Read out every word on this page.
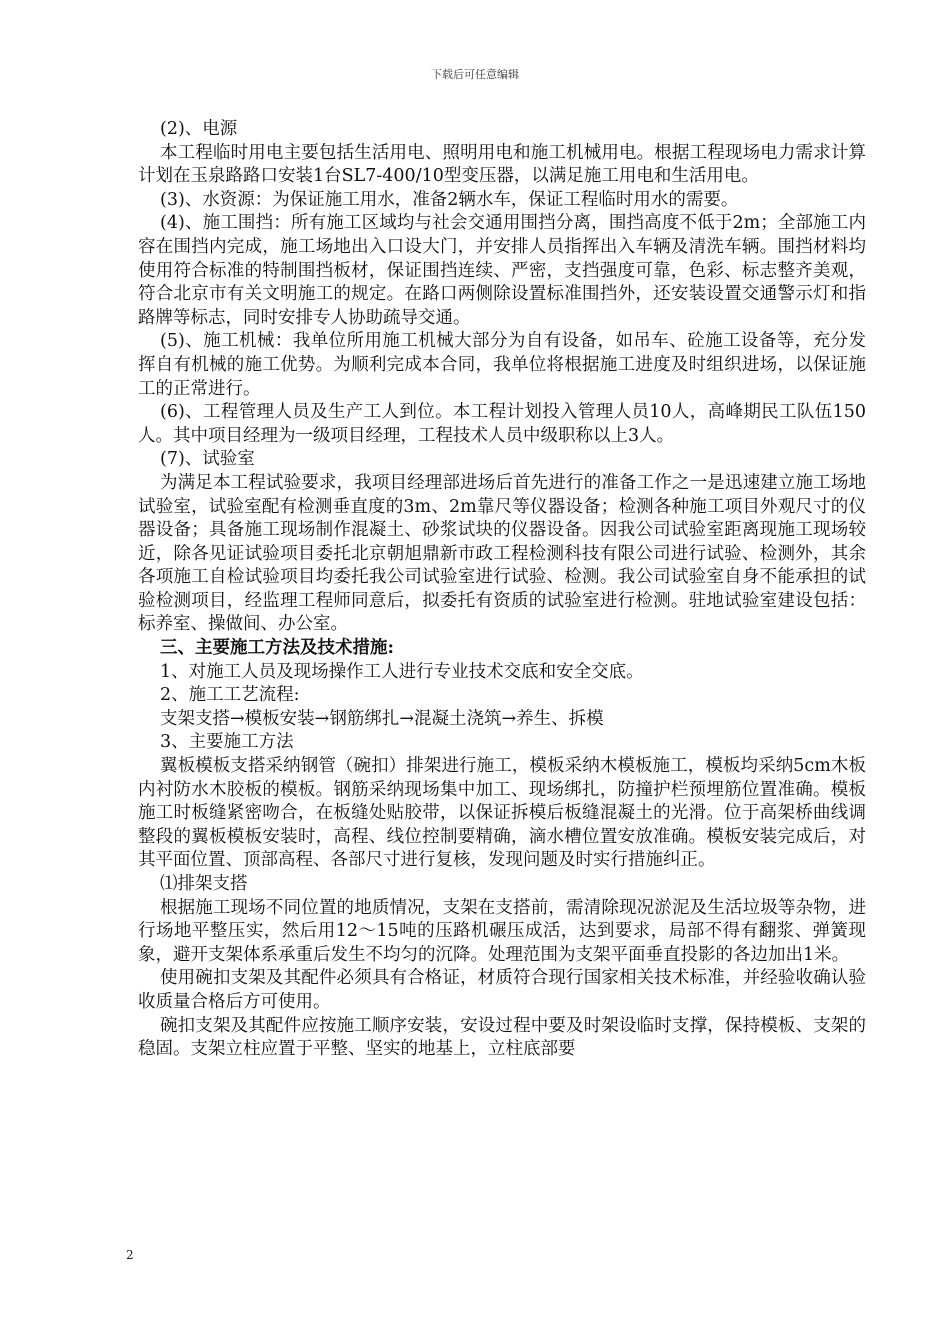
下载后可任意编辑

(2)、电源

本工程临时用电主要包括生活用电、照明用电和施工机械用电。根据工程现场电力需求计算计划在玉泉路路口安装1台SL7-400/10型变压器，以满足施工用电和生活用电。

(3)、水资源：为保证施工用水，准备2辆水车，保证工程临时用水的需要。

(4)、施工围挡：所有施工区域均与社会交通用围挡分离，围挡高度不低于2m；全部施工内容在围挡内完成，施工场地出入口设大门，并安排人员指挥出入车辆及清洗车辆。围挡材料均使用符合标准的特制围挡板材，保证围挡连续、严密，支挡强度可靠，色彩、标志整齐美观，符合北京市有关文明施工的规定。在路口两侧除设置标准围挡外，还安装设置交通警示灯和指路牌等标志，同时安排专人协助疏导交通。

(5)、施工机械：我单位所用施工机械大部分为自有设备，如吊车、砼施工设备等，充分发挥自有机械的施工优势。为顺利完成本合同，我单位将根据施工进度及时组织进场，以保证施工的正常进行。

(6)、工程管理人员及生产工人到位。本工程计划投入管理人员10人，高峰期民工队伍150人。其中项目经理为一级项目经理，工程技术人员中级职称以上3人。

(7)、试验室

为满足本工程试验要求，我项目经理部进场后首先进行的准备工作之一是迅速建立施工场地试验室，试验室配有检测垂直度的3m、2m靠尺等仪器设备；检测各种施工项目外观尺寸的仪器设备；具备施工现场制作混凝土、砂浆试块的仪器设备。因我公司试验室距离现施工现场较近，除各见证试验项目委托北京朝旭鼎新市政工程检测科技有限公司进行试验、检测外，其余各项施工自检试验项目均委托我公司试验室进行试验、检测。我公司试验室自身不能承担的试验检测项目，经监理工程师同意后，拟委托有资质的试验室进行检测。驻地试验室建设包括：标养室、操做间、办公室。

三、主要施工方法及技术措施:

1、对施工人员及现场操作工人进行专业技术交底和安全交底。

2、施工工艺流程:

支架支搭→模板安装→钢筋绑扎→混凝土浇筑→养生、拆模

3、主要施工方法

翼板模板支搭采纳钢管（碗扣）排架进行施工，模板采纳木模板施工，模板均采纳5cm木板内衬防水木胶板的模板。钢筋采纳现场集中加工、现场绑扎，防撞护栏预埋筋位置准确。模板施工时板缝紧密吻合，在板缝处贴胶带，以保证拆模后板缝混凝土的光滑。位于高架桥曲线调整段的翼板模板安装时，高程、线位控制要精确，滴水槽位置安放准确。模板安装完成后，对其平面位置、顶部高程、各部尺寸进行复核，发现问题及时实行措施纠正。

⑴排架支搭

根据施工现场不同位置的地质情况，支架在支搭前，需清除现况淤泥及生活垃圾等杂物，进行场地平整压实，然后用12～15吨的压路机碾压成活，达到要求，局部不得有翻浆、弹簧现象，避开支架体系承重后发生不均匀的沉降。处理范围为支架平面垂直投影的各边加出1米。

使用碗扣支架及其配件必须具有合格证，材质符合现行国家相关技术标准，并经验收确认验收质量合格后方可使用。

碗扣支架及其配件应按施工顺序安装，安设过程中要及时架设临时支撑，保持模板、支架的稳固。支架立柱应置于平整、坚实的地基上，立柱底部要

2
